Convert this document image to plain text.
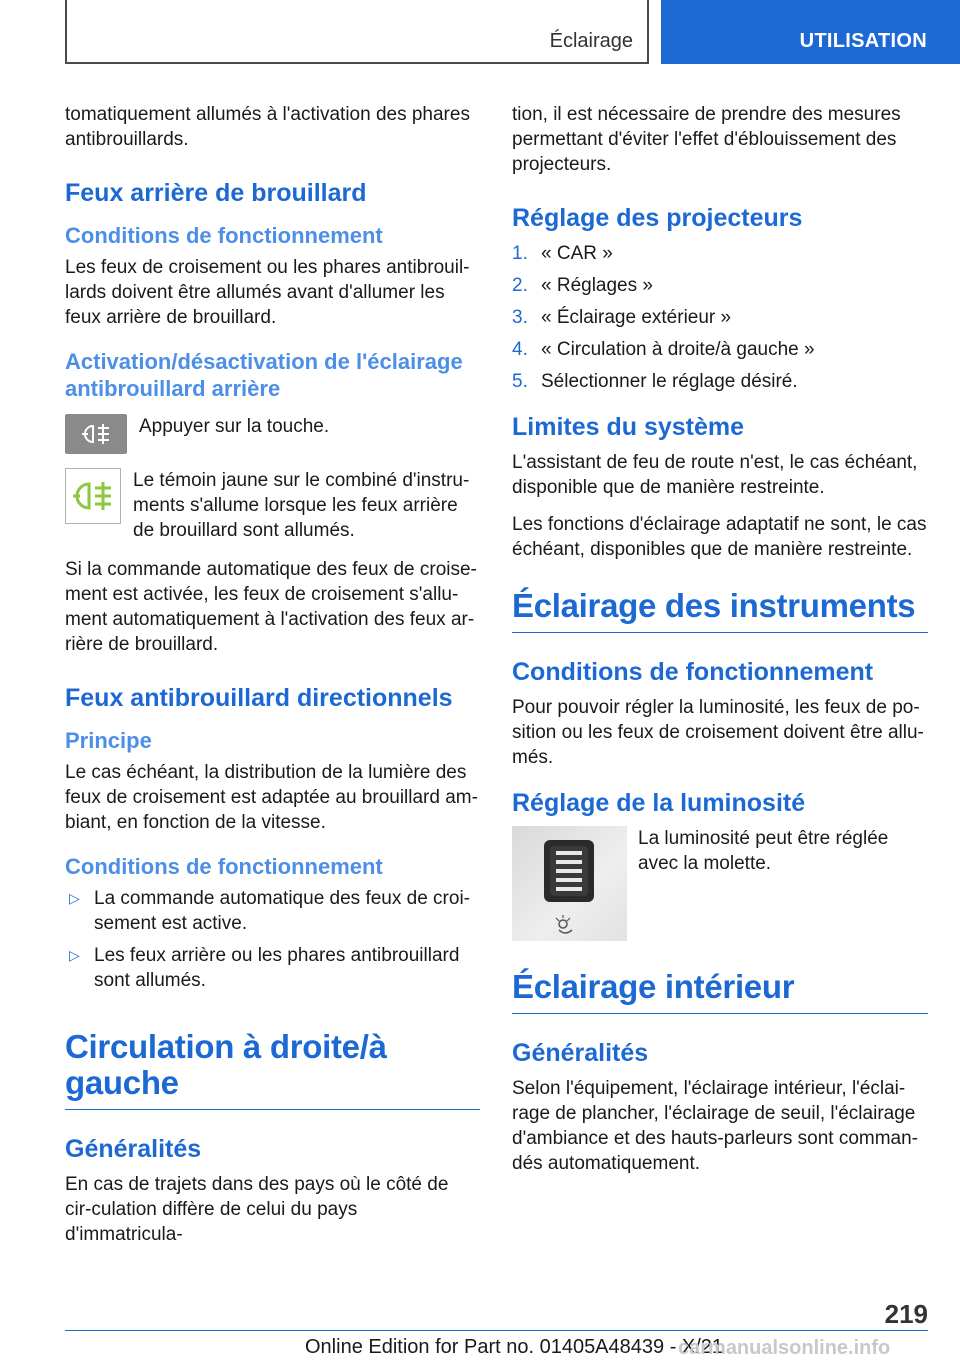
Éclairage	UTILISATION

tomatiquement allumés à l'activation des phares antibrouillards.

Feux arrière de brouillard
Conditions de fonctionnement

Les feux de croisement ou les phares antibrouil-lards doivent être allumés avant d'allumer les feux arrière de brouillard.

Activation/désactivation de l'éclairage antibrouillard arrière

Appuyer sur la touche.

Le témoin jaune sur le combiné d'instru-ments s'allume lorsque les feux arrière de brouillard sont allumés.

Si la commande automatique des feux de croise-ment est activée, les feux de croisement s'allu-ment automatiquement à l'activation des feux ar-rière de brouillard.

Feux antibrouillard directionnels
Principe

Le cas échéant, la distribution de la lumière des feux de croisement est adaptée au brouillard am-biant, en fonction de la vitesse.

Conditions de fonctionnement
▷ La commande automatique des feux de croi-sement est active.
▷ Les feux arrière ou les phares antibrouillard sont allumés.
Circulation à droite/à gauche
Généralités

En cas de trajets dans des pays où le côté de cir-culation diffère de celui du pays d'immatricula-

tion, il est nécessaire de prendre des mesures permettant d'éviter l'effet d'éblouissement des projecteurs.

Réglage des projecteurs
1. « CAR »
2. « Réglages »
3. « Éclairage extérieur »
4. « Circulation à droite/à gauche »
5. Sélectionner le réglage désiré.
Limites du système

L'assistant de feu de route n'est, le cas échéant, disponible que de manière restreinte.

Les fonctions d'éclairage adaptatif ne sont, le cas échéant, disponibles que de manière restreinte.

Éclairage des instruments
Conditions de fonctionnement

Pour pouvoir régler la luminosité, les feux de po-sition ou les feux de croisement doivent être allu-més.

Réglage de la luminosité

La luminosité peut être réglée avec la molette.

Éclairage intérieur
Généralités

Selon l'équipement, l'éclairage intérieur, l'éclai-rage de plancher, l'éclairage de seuil, l'éclairage d'ambiance et des hauts-parleurs sont comman-dés automatiquement.

219
Online Edition for Part no. 01405A48439 - X/21
carmanualsonline.info
